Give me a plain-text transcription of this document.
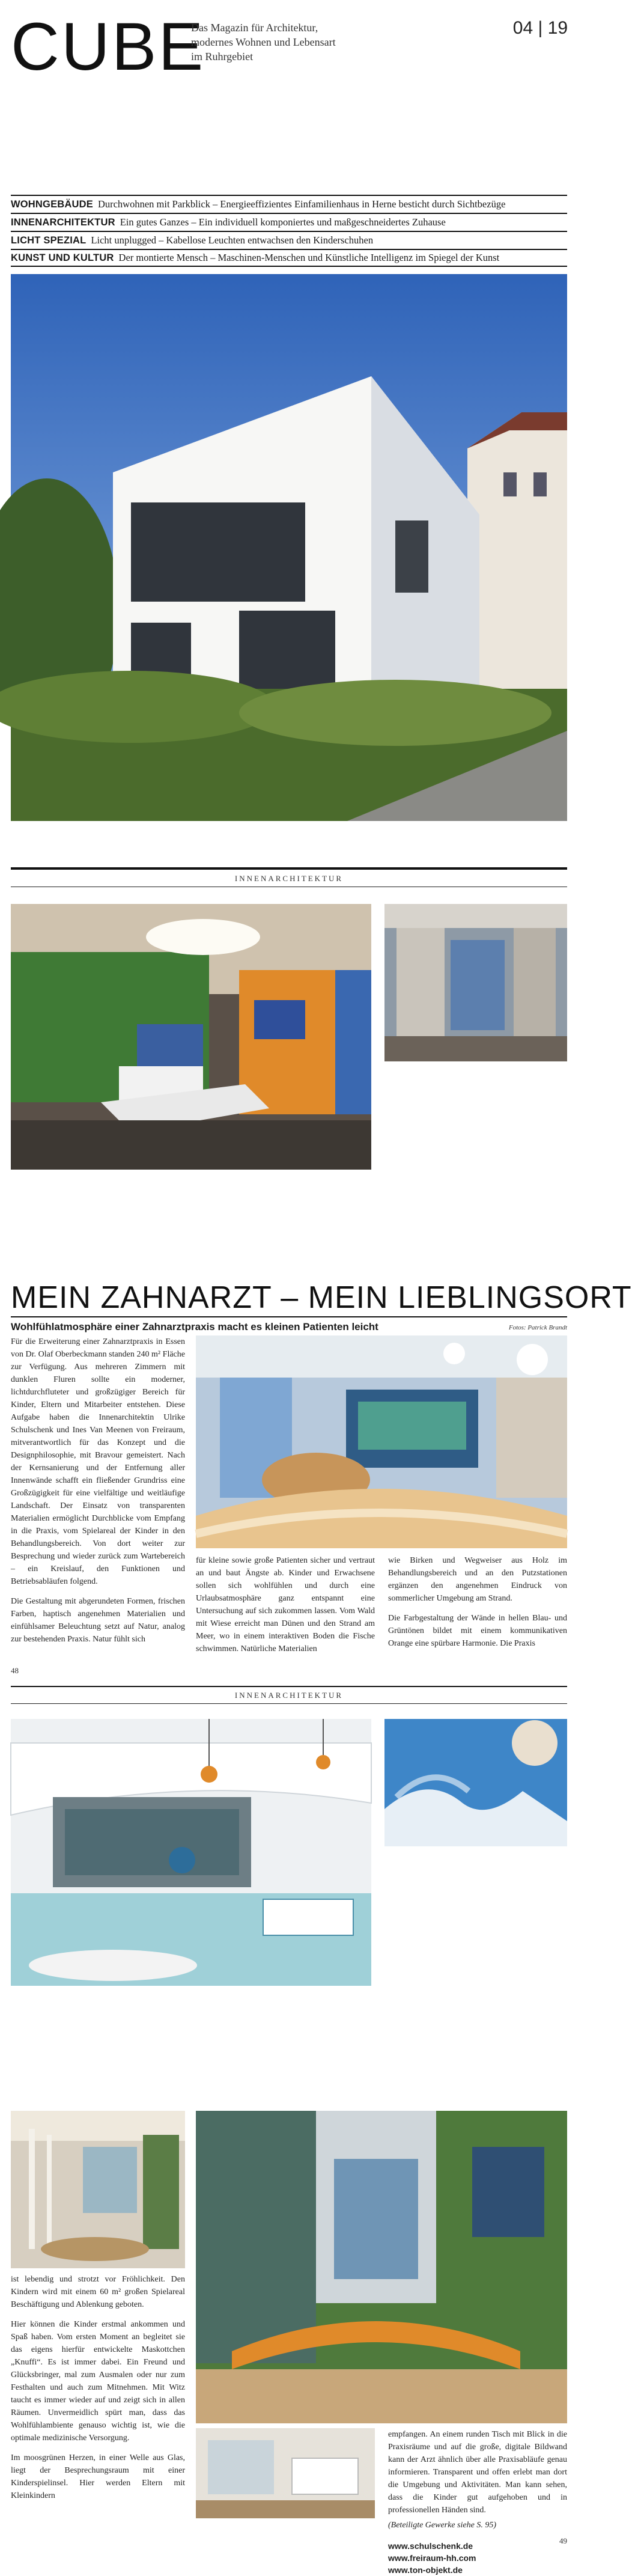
CUBE
Das Magazin für Architektur, modernes Wohnen und Lebensart im Ruhrgebiet
04 | 19
WOHNGEBÄUDE Durchwohnen mit Parkblick – Energieeffizientes Einfamilienhaus in Herne besticht durch Sichtbezüge
INNENARCHITEKTUR Ein gutes Ganzes – Ein individuell komponiertes und maßgeschneidertes Zuhause
LICHT SPEZIAL Licht unplugged – Kabellose Leuchten entwachsen den Kinderschuhen
KUNST UND KULTUR Der montierte Mensch – Maschinen-Menschen und Künstliche Intelligenz im Spiegel der Kunst
INNENARCHITEKTUR
MEIN ZAHNARZT – MEIN LIEBLINGSORT
Wohlfühlatmosphäre einer Zahnarztpraxis macht es kleinen Patienten leicht	Fotos: Patrick Brandt

Für die Erweiterung einer Zahnarztpraxis in Essen von Dr. Olaf Oberbeckmann standen 240 m² Fläche zur Verfügung. Aus mehreren Zimmern mit dunklen Fluren sollte ein moderner, lichtdurchfluteter und großzügiger Bereich für Kinder, Eltern und Mitarbeiter entstehen. Diese Aufgabe haben die Innenarchitektin Ulrike Schulschenk und Ines Van Meenen von Freiraum, mitverantwortlich für das Konzept und die Designphilosophie, mit Bravour gemeistert. Nach der Kernsanierung und der Entfernung aller Innenwände schafft ein fließender Grundriss eine Großzügigkeit für eine vielfältige und weitläufige Landschaft. Der Einsatz von transparenten Materialien ermöglicht Durchblicke vom Empfang in die Praxis, vom Spielareal der Kinder in den Behandlungsbereich. Von dort weiter zur Besprechung und wieder zurück zum Wartebereich – ein Kreislauf, den Funktionen und Betriebsabläufen folgend.

Die Gestaltung mit abgerundeten Formen, frischen Farben, haptisch angenehmen Materialien und einfühlsamer Beleuchtung setzt auf Natur, analog zur bestehenden Praxis. Natur fühlt sich

für kleine sowie große Patienten sicher und vertraut an und baut Ängste ab. Kinder und Erwachsene sollen sich wohlfühlen und durch eine Urlaubsatmosphäre ganz entspannt eine Untersuchung auf sich zukommen lassen. Vom Wald mit Wiese erreicht man Dünen und den Strand am Meer, wo in einem interaktiven Boden die Fische schwimmen. Natürliche Materialien

wie Birken und Wegweiser aus Holz im Behandlungsbereich und an den Putzstationen ergänzen den angenehmen Eindruck von sommerlicher Umgebung am Strand.

Die Farbgestaltung der Wände in hellen Blau- und Grüntönen bildet mit einem kommunikativen Orange eine spürbare Harmonie. Die Praxis

48
INNENARCHITEKTUR

ist lebendig und strotzt vor Fröhlichkeit. Den Kindern wird mit einem 60 m² großen Spielareal Beschäftigung und Ablenkung geboten.

Hier können die Kinder erstmal ankommen und Spaß haben. Vom ersten Moment an begleitet sie das eigens hierfür entwickelte Maskottchen „Knuffi“. Es ist immer dabei. Ein Freund und Glücksbringer, mal zum Ausmalen oder nur zum Festhalten und auch zum Mitnehmen. Mit Witz taucht es immer wieder auf und zeigt sich in allen Räumen. Unvermeidlich spürt man, dass das Wohlfühlambiente genauso wichtig ist, wie die optimale medizinische Versorgung.

Im moosgrünen Herzen, in einer Welle aus Glas, liegt der Besprechungsraum mit einer Kinderspielinsel. Hier werden Eltern mit Kleinkindern

empfangen. An einem runden Tisch mit Blick in die Praxisräume und auf die große, digitale Bildwand kann der Arzt ähnlich über alle Praxisabläufe genau informieren. Transparent und offen erlebt man dort die Umgebung und Aktivitäten. Man kann sehen, dass die Kinder gut aufgehoben und in professionellen Händen sind.

(Beteiligte Gewerke siehe S. 95)

www.schulschenk.de
www.freiraum-hh.com
www.ton-objekt.de
49
